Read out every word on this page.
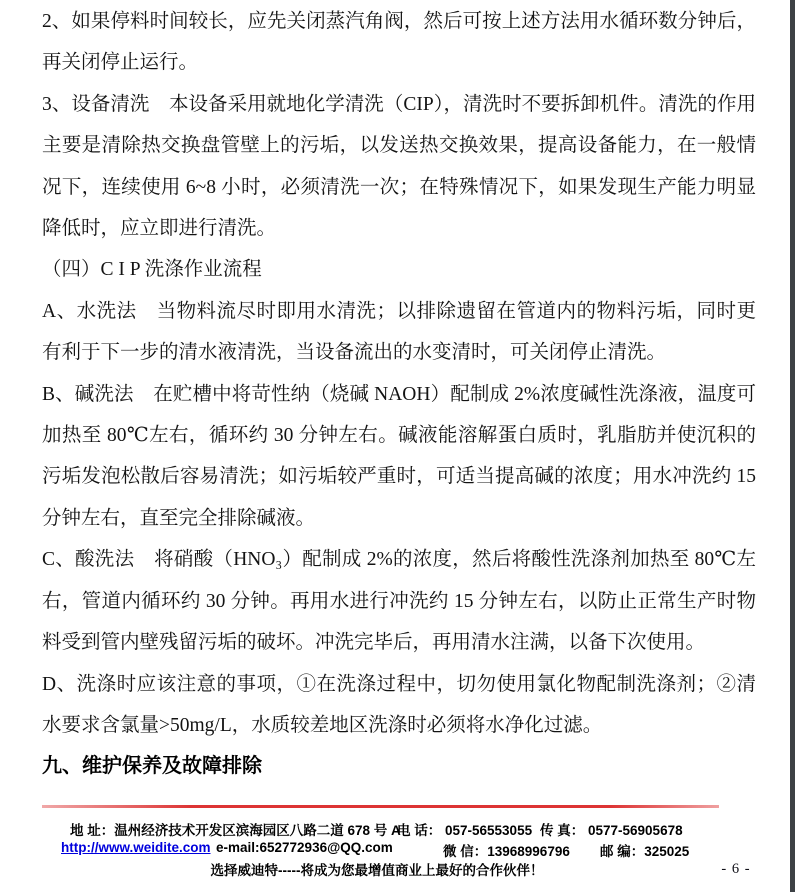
2、如果停料时间较长，应先关闭蒸汽角阀，然后可按上述方法用水循环数分钟后，再关闭停止运行。
3、设备清洗　本设备采用就地化学清洗（CIP），清洗时不要拆卸机件。清洗的作用主要是清除热交换盘管壁上的污垢，以发送热交换效果，提高设备能力，在一般情况下，连续使用 6~8 小时，必须清洗一次；在特殊情况下，如果发现生产能力明显降低时，应立即进行清洗。
（四）C I P 洗涤作业流程
A、水洗法　当物料流尽时即用水清洗；以排除遗留在管道内的物料污垢，同时更有利于下一步的清水液清洗，当设备流出的水变清时，可关闭停止清洗。
B、碱洗法　在贮槽中将苛性纳（烧碱 NAOH）配制成 2%浓度碱性洗涤液，温度可加热至 80℃左右，循环约 30 分钟左右。碱液能溶解蛋白质时，乳脂肪并使沉积的污垢发泡松散后容易清洗；如污垢较严重时，可适当提高碱的浓度；用水冲洗约 15 分钟左右，直至完全排除碱液。
C、酸洗法　将硝酸（HNO₃）配制成 2%的浓度，然后将酸性洗涤剂加热至 80℃左右，管道内循环约 30 分钟。再用水进行冲洗约 15 分钟左右，以防止正常生产时物料受到管内壁残留污垢的破坏。冲洗完毕后，再用清水注满，以备下次使用。
D、洗涤时应该注意的事项，①在洗涤过程中，切勿使用氯化物配制洗涤剂；②清水要求含氯量>50mg/L，水质较差地区洗涤时必须将水净化过滤。
九、维护保养及故障排除
地 址：温州经济技术开发区滨海园区八路二道 678 号 A
电 话： 057-56553055 传 真： 0577-56905678
http://www.weidite.com e-mail:652772936@QQ.com	微 信：13968996796 邮 编：325025
选择威迪特-----将成为您最增值商业上最好的合作伙伴！	- 6 -
